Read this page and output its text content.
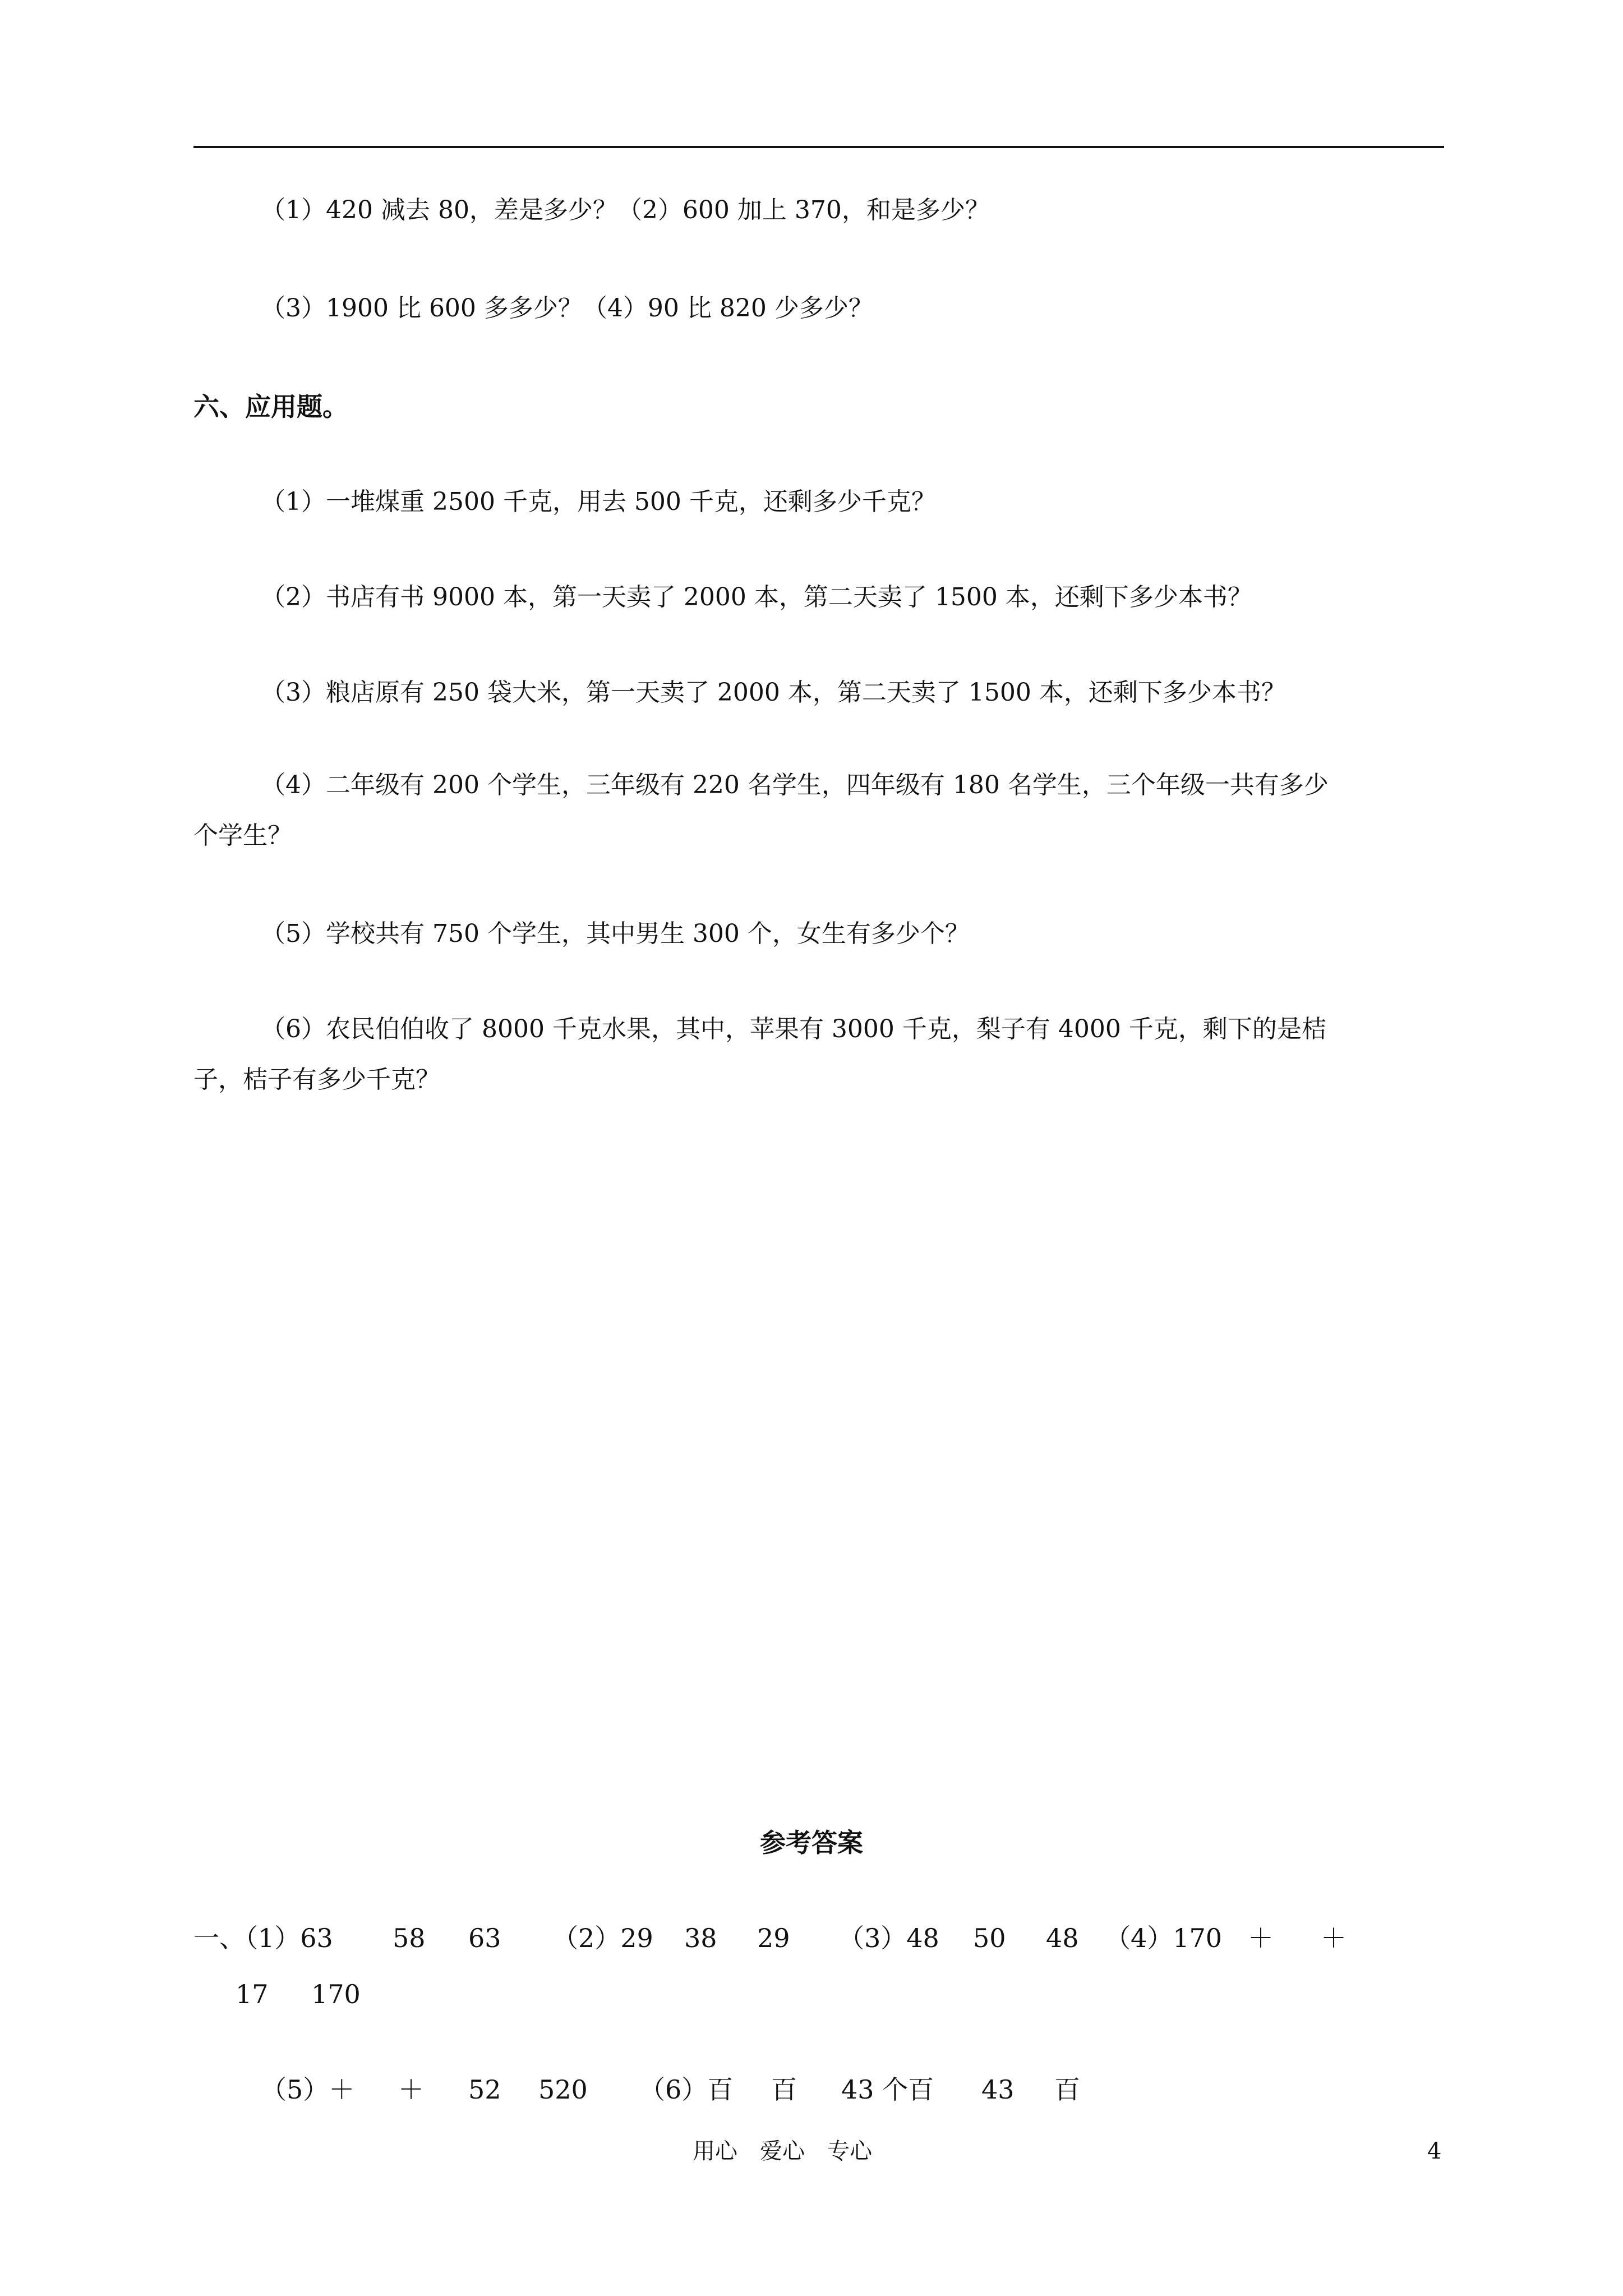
（1）420 减去 80，差是多少？（2）600 加上 370，和是多少？
（3）1900 比 600 多多少？（4）90 比 820 少多少？
六、应用题。
（1）一堆煤重 2500 千克，用去 500 千克，还剩多少千克？
（2）书店有书 9000 本，第一天卖了 2000 本，第二天卖了 1500 本，还剩下多少本书？
（3）粮店原有 250 袋大米，第一天卖了 2000 本，第二天卖了 1500 本，还剩下多少本书？
（4）二年级有 200 个学生，三年级有 220 名学生，四年级有 180 名学生，三个年级一共有多少
个学生？
（5）学校共有 750 个学生，其中男生 300 个，女生有多少个？
（6）农民伯伯收了 8000 千克水果，其中，苹果有 3000 千克，梨子有 4000 千克，剩下的是桔
子，桔子有多少千克？
参考答案
一、（1）63 58 63 （2）29 38 29 （3）48 50 48 （4）170 ＋ ＋
17 170
（5）＋ ＋ 52 520 （6）百 百 43 个百 43 百
用心　爱心　专心	4
